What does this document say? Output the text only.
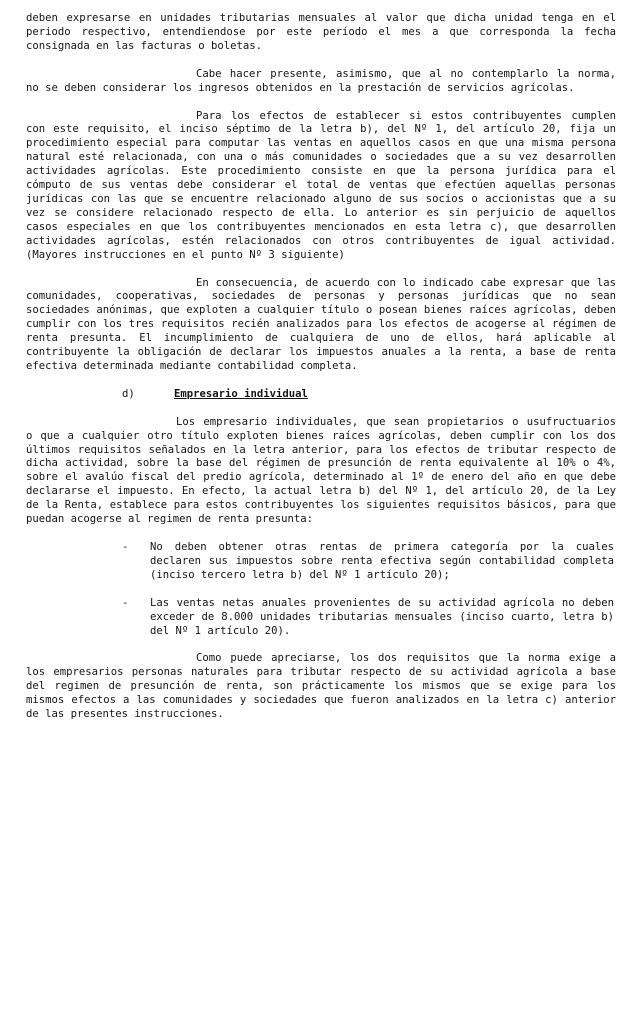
deben expresarse en unidades tributarias mensuales al valor que dicha unidad tenga en el periodo respectivo, entendiendose por este período el mes a que corresponda la fecha consignada en las facturas o boletas.

Cabe hacer presente, asimismo, que al no contemplarlo la norma, no se deben considerar los ingresos obtenidos en la prestación de servicios agrícolas.

Para los efectos de establecer si estos contribuyentes cumplen con este requisito, el inciso séptimo de la letra b), del Nº 1, del artículo 20, fija un procedimiento especial para computar las ventas en aquellos casos en que una misma persona natural esté relacionada, con una o más comunidades o sociedades que a su vez desarrollen actividades agrícolas. Este procedimiento consiste en que la persona jurídica para el cómputo de sus ventas debe considerar el total de ventas que efectúen aquellas personas jurídicas con las que se encuentre relacionado alguno de sus socios o accionistas que a su vez se considere relacionado respecto de ella. Lo anterior es sin perjuicio de aquellos casos especiales en que los contribuyentes mencionados en esta letra c), que desarrollen actividades agrícolas, estén relacionados con otros contribuyentes de igual actividad. (Mayores instrucciones en el punto Nº 3 siguiente)

En consecuencia, de acuerdo con lo indicado cabe expresar que las comunidades, cooperativas, sociedades de personas y personas jurídicas que no sean sociedades anónimas, que exploten a cualquier título o posean bienes raíces agrícolas, deben cumplir con los tres requisitos recién analizados para los efectos de acogerse al régimen de renta presunta. El incumplimiento de cualquiera de uno de ellos, hará aplicable al contribuyente la obligación de declarar los impuestos anuales a la renta, a base de renta efectiva determinada mediante contabilidad completa.

d)	Empresario individual

Los empresario individuales, que sean propietarios o usufructuarios o que a cualquier otro título exploten bienes raíces agrícolas, deben cumplir con los dos últimos requisitos señalados en la letra anterior, para los efectos de tributar respecto de dicha actividad, sobre la base del régimen de presunción de renta equivalente al 10% o 4%, sobre el avalúo fiscal del predio agrícola, determinado al 1º de enero del año en que debe declararse el impuesto. En efecto, la actual letra b) del Nº 1, del artículo 20, de la Ley de la Renta, establece para estos contribuyentes los siguientes requisitos básicos, para que puedan acogerse al regimen de renta presunta:

-	No deben obtener otras rentas de primera categoría por la cuales declaren sus impuestos sobre renta efectiva según contabilidad completa (inciso tercero letra b) del Nº 1 artículo 20);
-	Las ventas netas anuales provenientes de su actividad agrícola no deben exceder de 8.000 unidades tributarias mensuales (inciso cuarto, letra b) del Nº 1 artículo 20).

Como puede apreciarse, los dos requisitos que la norma exige a los empresarios personas naturales para tributar respecto de su actividad agrícola a base del regimen de presunción de renta, son prácticamente los mismos que se exige para los mismos efectos a las comunidades y sociedades que fueron analizados en la letra c) anterior de las presentes instrucciones.
